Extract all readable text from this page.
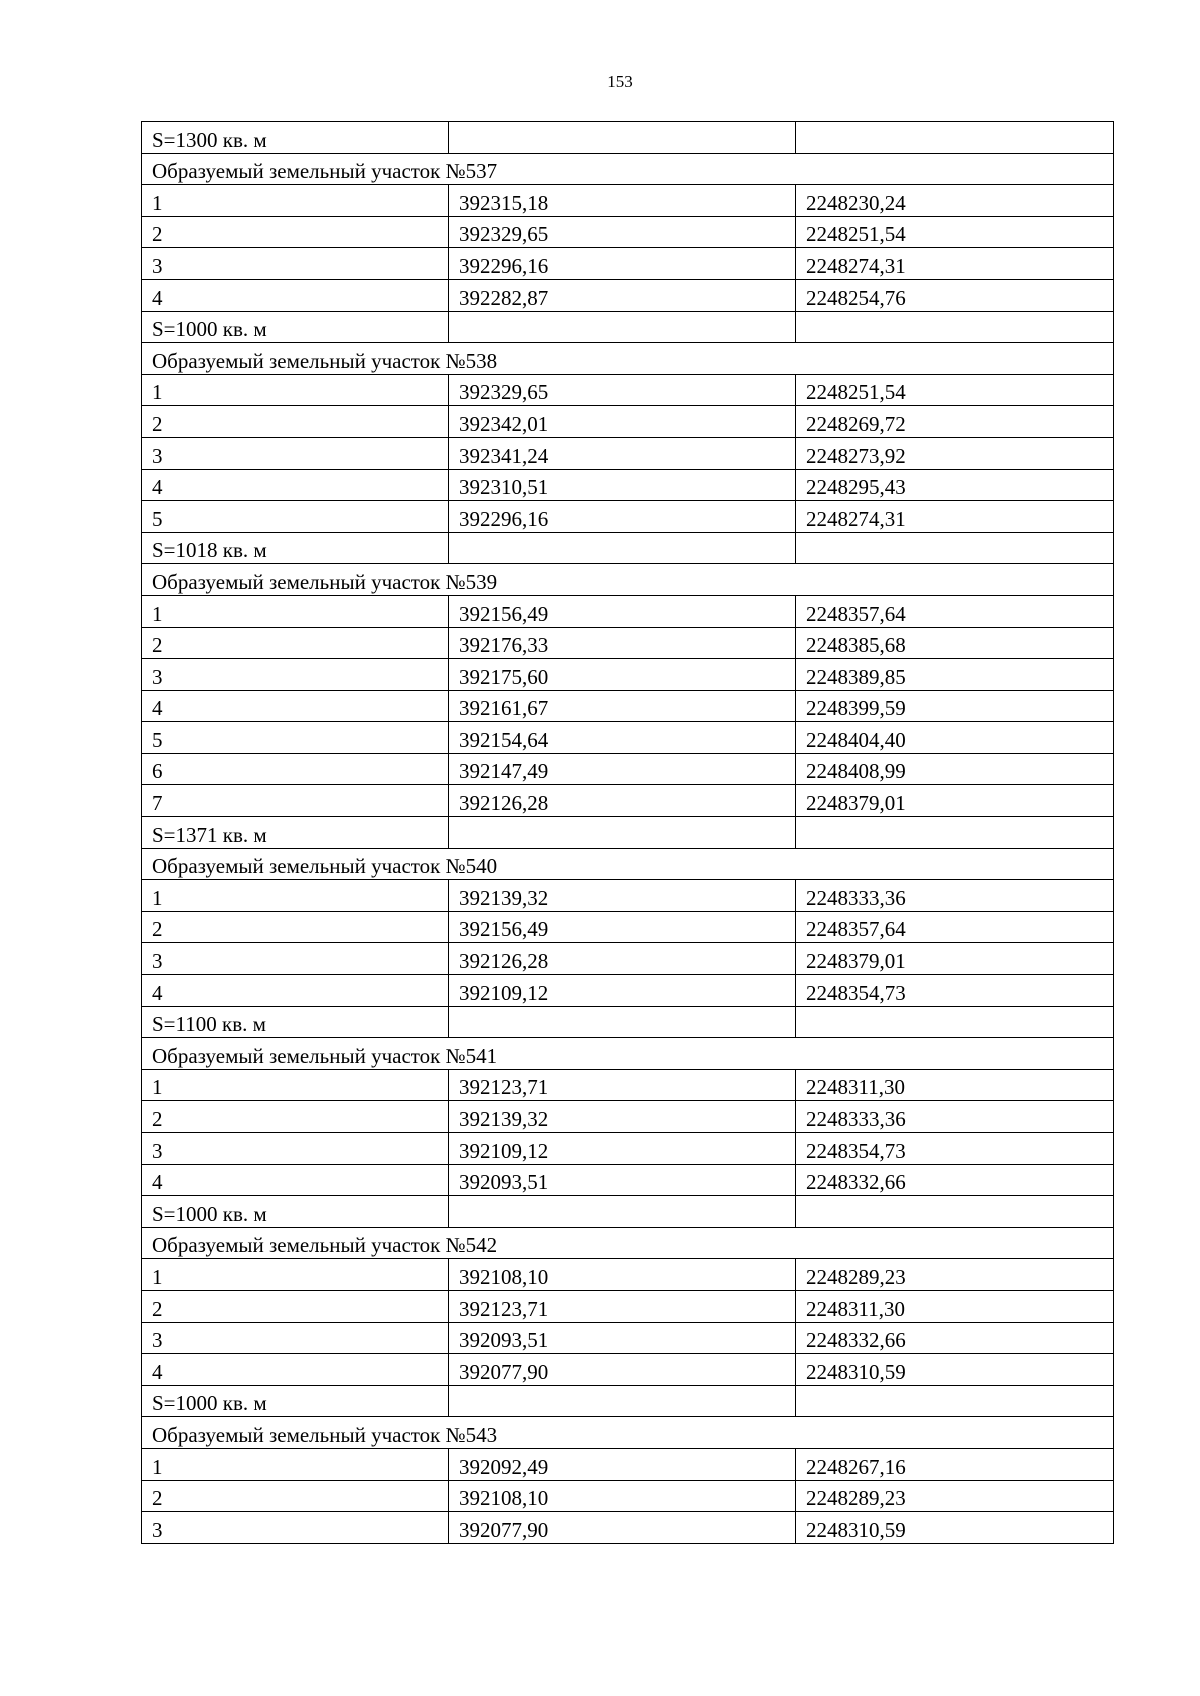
153
S=1300 кв. м		
Образуемый земельный участок №537		
1	392315,18	2248230,24
2	392329,65	2248251,54
3	392296,16	2248274,31
4	392282,87	2248254,76
S=1000 кв. м		
Образуемый земельный участок №538		
1	392329,65	2248251,54
2	392342,01	2248269,72
3	392341,24	2248273,92
4	392310,51	2248295,43
5	392296,16	2248274,31
S=1018 кв. м		
Образуемый земельный участок №539		
1	392156,49	2248357,64
2	392176,33	2248385,68
3	392175,60	2248389,85
4	392161,67	2248399,59
5	392154,64	2248404,40
6	392147,49	2248408,99
7	392126,28	2248379,01
S=1371 кв. м		
Образуемый земельный участок №540		
1	392139,32	2248333,36
2	392156,49	2248357,64
3	392126,28	2248379,01
4	392109,12	2248354,73
S=1100 кв. м		
Образуемый земельный участок №541		
1	392123,71	2248311,30
2	392139,32	2248333,36
3	392109,12	2248354,73
4	392093,51	2248332,66
S=1000 кв. м		
Образуемый земельный участок №542		
1	392108,10	2248289,23
2	392123,71	2248311,30
3	392093,51	2248332,66
4	392077,90	2248310,59
S=1000 кв. м		
Образуемый земельный участок №543		
1	392092,49	2248267,16
2	392108,10	2248289,23
3	392077,90	2248310,59
